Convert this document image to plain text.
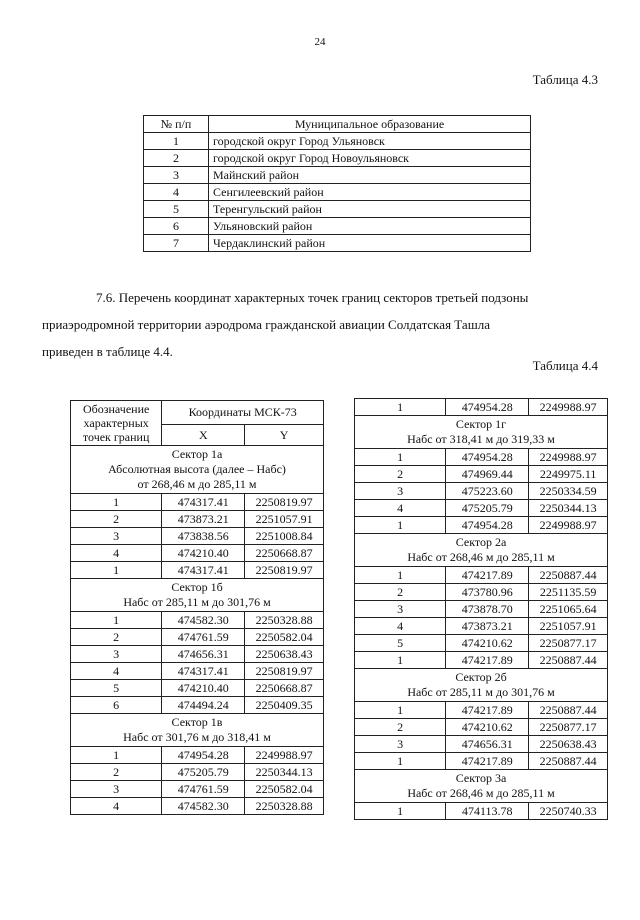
24
Таблица 4.3
№ п/п	Муниципальное образование
1	городской округ Город Ульяновск
2	городской округ Город Новоульяновск
3	Майнский район
4	Сенгилеевский район
5	Теренгульский район
6	Ульяновский район
7	Чердаклинский район

7.6. Перечень координат характерных точек границ секторов третьей подзоны

приаэродромной территории аэродрома гражданской авиации Солдатская Ташла

приведен в таблице 4.4.

Таблица 4.4
Обозначение характерных точек границ	Координаты МСК-73	
	X	Y

Сектор 1а
Абсолютная высота (далее – Набс)
от 268,46 м до 285,11 м		

1	474317.41	2250819.97
2	473873.21	2251057.91
3	473838.56	2251008.84
4	474210.40	2250668.87
1	474317.41	2250819.97

Сектор 1б
Набс от 285,11 м до 301,76 м		

1	474582.30	2250328.88
2	474761.59	2250582.04
3	474656.31	2250638.43
4	474317.41	2250819.97
5	474210.40	2250668.87
6	474494.24	2250409.35

Сектор 1в
Набс от 301,76 м до 318,41 м		

1	474954.28	2249988.97
2	475205.79	2250344.13
3	474761.59	2250582.04
4	474582.30	2250328.88
1	474954.28	2249988.97

Сектор 1г
Набс от 318,41 м до 319,33 м		

1	474954.28	2249988.97
2	474969.44	2249975.11
3	475223.60	2250334.59
4	475205.79	2250344.13
1	474954.28	2249988.97

Сектор 2а
Набс от 268,46 м до 285,11 м		

1	474217.89	2250887.44
2	473780.96	2251135.59
3	473878.70	2251065.64
4	473873.21	2251057.91
5	474210.62	2250877.17
1	474217.89	2250887.44

Сектор 2б
Набс от 285,11 м до 301,76 м		

1	474217.89	2250887.44
2	474210.62	2250877.17
3	474656.31	2250638.43
1	474217.89	2250887.44

Сектор 3а
Набс от 268,46 м до 285,11 м		

1	474113.78	2250740.33
